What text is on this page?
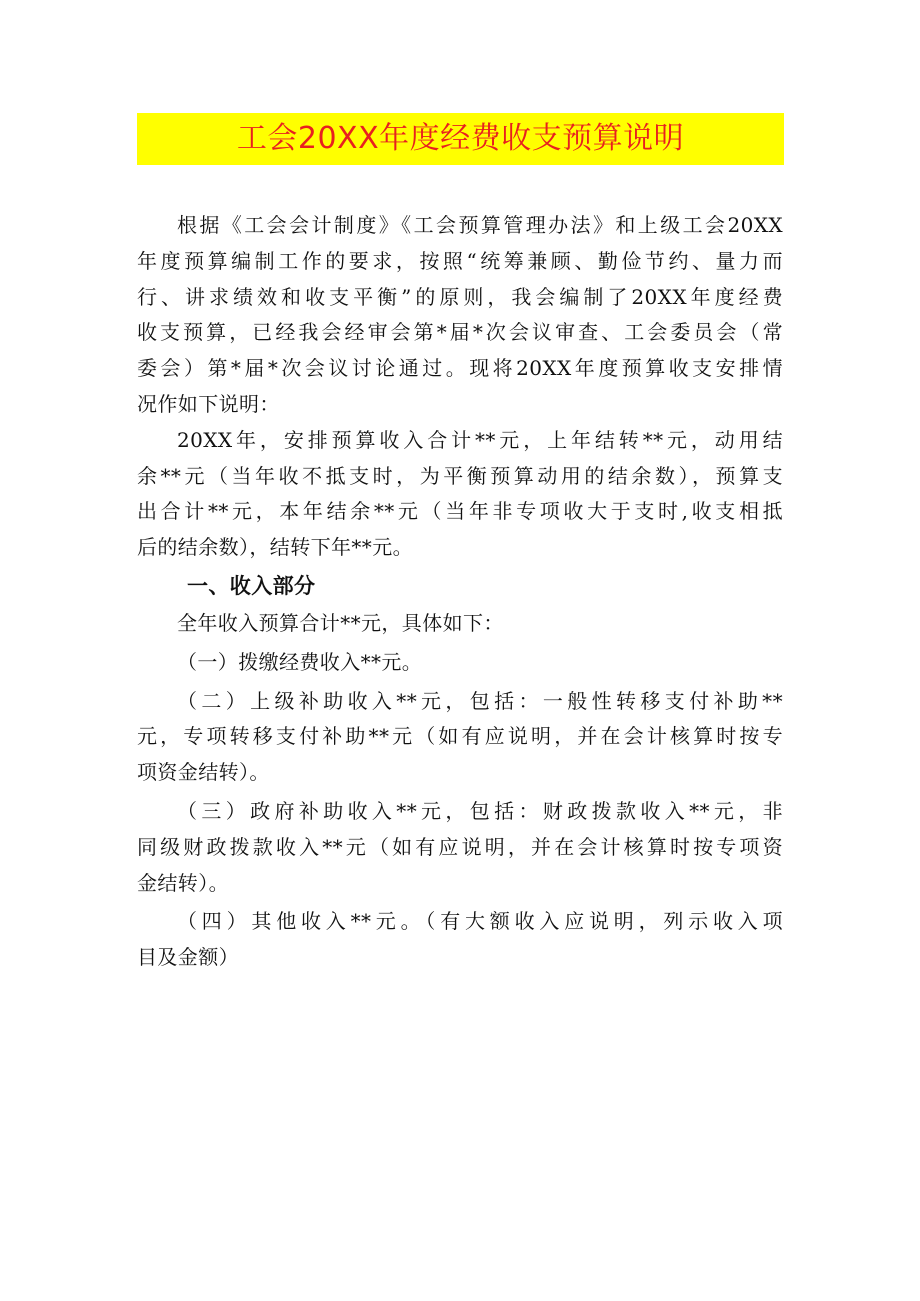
工会20XX年度经费收支预算说明
根据《工会会计制度》《工会预算管理办法》和上级工会20XX
年度预算编制工作的要求，按照“统筹兼顾、勤俭节约、量力而
行、讲求绩效和收支平衡”的原则，我会编制了20XX年度经费
收支预算，已经我会经审会第*届*次会议审查、工会委员会（常
委会）第*届*次会议讨论通过。现将20XX年度预算收支安排情
况作如下说明：
20XX年，安排预算收入合计**元，上年结转**元，动用结
余**元（当年收不抵支时，为平衡预算动用的结余数），预算支
出合计**元，本年结余**元（当年非专项收大于支时,收支相抵
后的结余数），结转下年**元。
一、收入部分
全年收入预算合计**元，具体如下：
（一）拨缴经费收入**元。
（二）上级补助收入**元，包括：一般性转移支付补助**
元，专项转移支付补助**元（如有应说明，并在会计核算时按专
项资金结转）。
（三）政府补助收入**元，包括：财政拨款收入**元，非
同级财政拨款收入**元（如有应说明，并在会计核算时按专项资
金结转）。
（四）其他收入**元。（有大额收入应说明，列示收入项
目及金额）
